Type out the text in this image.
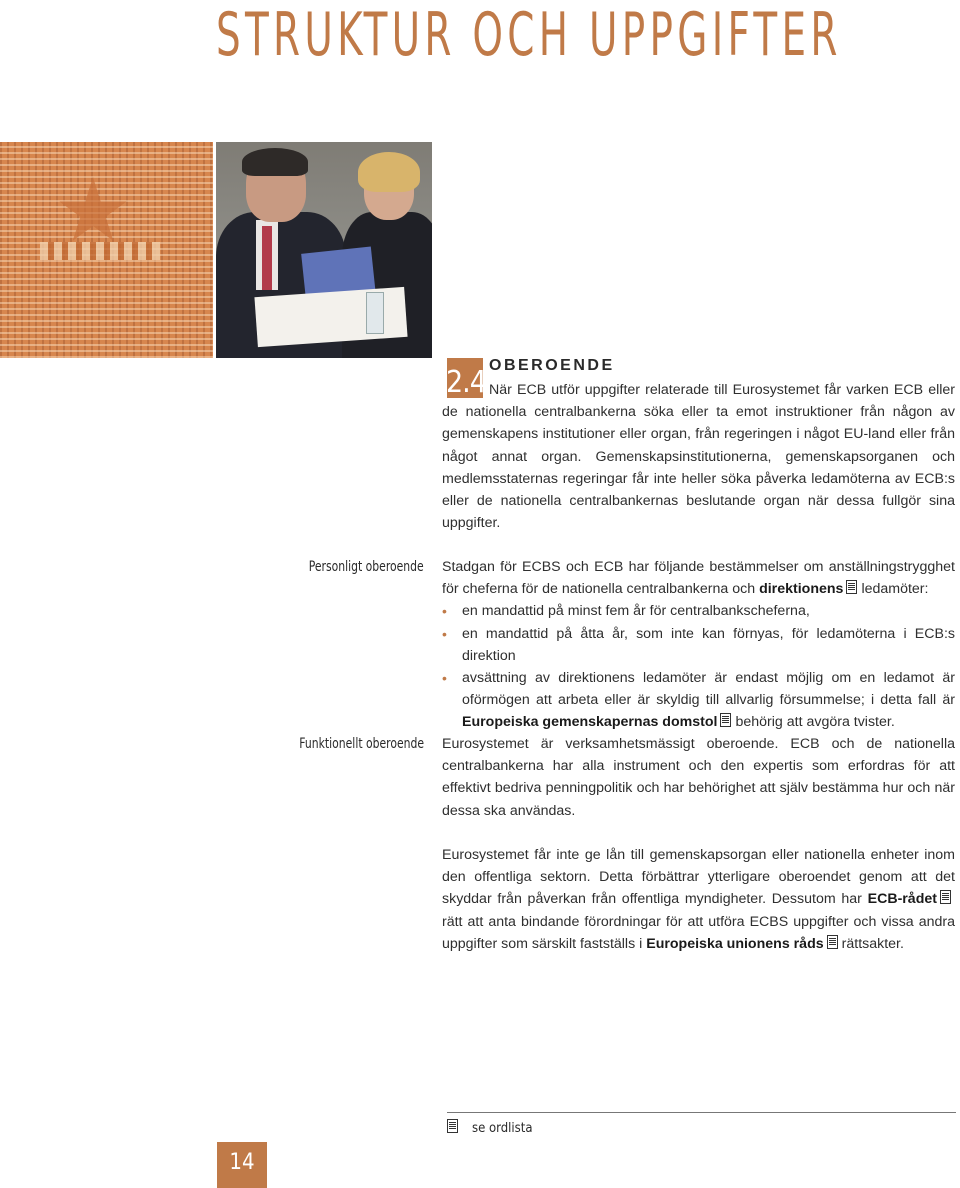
STRUKTUR OCH UPPGIFTER
2.4 OBEROENDE
När ECB utför uppgifter relaterade till Eurosystemet får varken ECB eller de nationella centralbankerna söka eller ta emot instruktioner från någon av gemenskapens institutioner eller organ, från regeringen i något EU-land eller från något annat organ. Gemenskapsinstitutionerna, gemenskapsorganen och medlemsstaternas regeringar får inte heller söka påverka ledamöterna av ECB:s eller de nationella centralbankernas beslutande organ när dessa fullgör sina uppgifter.
Personligt oberoende Stadgan för ECBS och ECB har följande bestämmelser om anställningstrygghet för cheferna för de nationella centralbankerna och direktionens ledamöter:
• en mandattid på minst fem år för centralbankscheferna,
• en mandattid på åtta år, som inte kan förnyas, för ledamöterna i ECB:s direktion
• avsättning av direktionens ledamöter är endast möjlig om en ledamot är oförmögen att arbeta eller är skyldig till allvarlig försummelse; i detta fall är Europeiska gemenskapernas domstol behörig att avgöra tvister.
Funktionellt oberoende Eurosystemet är verksamhetsmässigt oberoende. ECB och de nationella centralbankerna har alla instrument och den expertis som erfordras för att effektivt bedriva penningpolitik och har behörighet att själv bestämma hur och när dessa ska användas.
Eurosystemet får inte ge lån till gemenskapsorgan eller nationella enheter inom den offentliga sektorn. Detta förbättrar ytterligare oberoendet genom att det skyddar från påverkan från offentliga myndigheter. Dessutom har ECB-rådet rätt att anta bindande förordningar för att utföra ECBS uppgifter och vissa andra uppgifter som särskilt fastställs i Europeiska unionens råds rättsakter.
se ordlista
14
